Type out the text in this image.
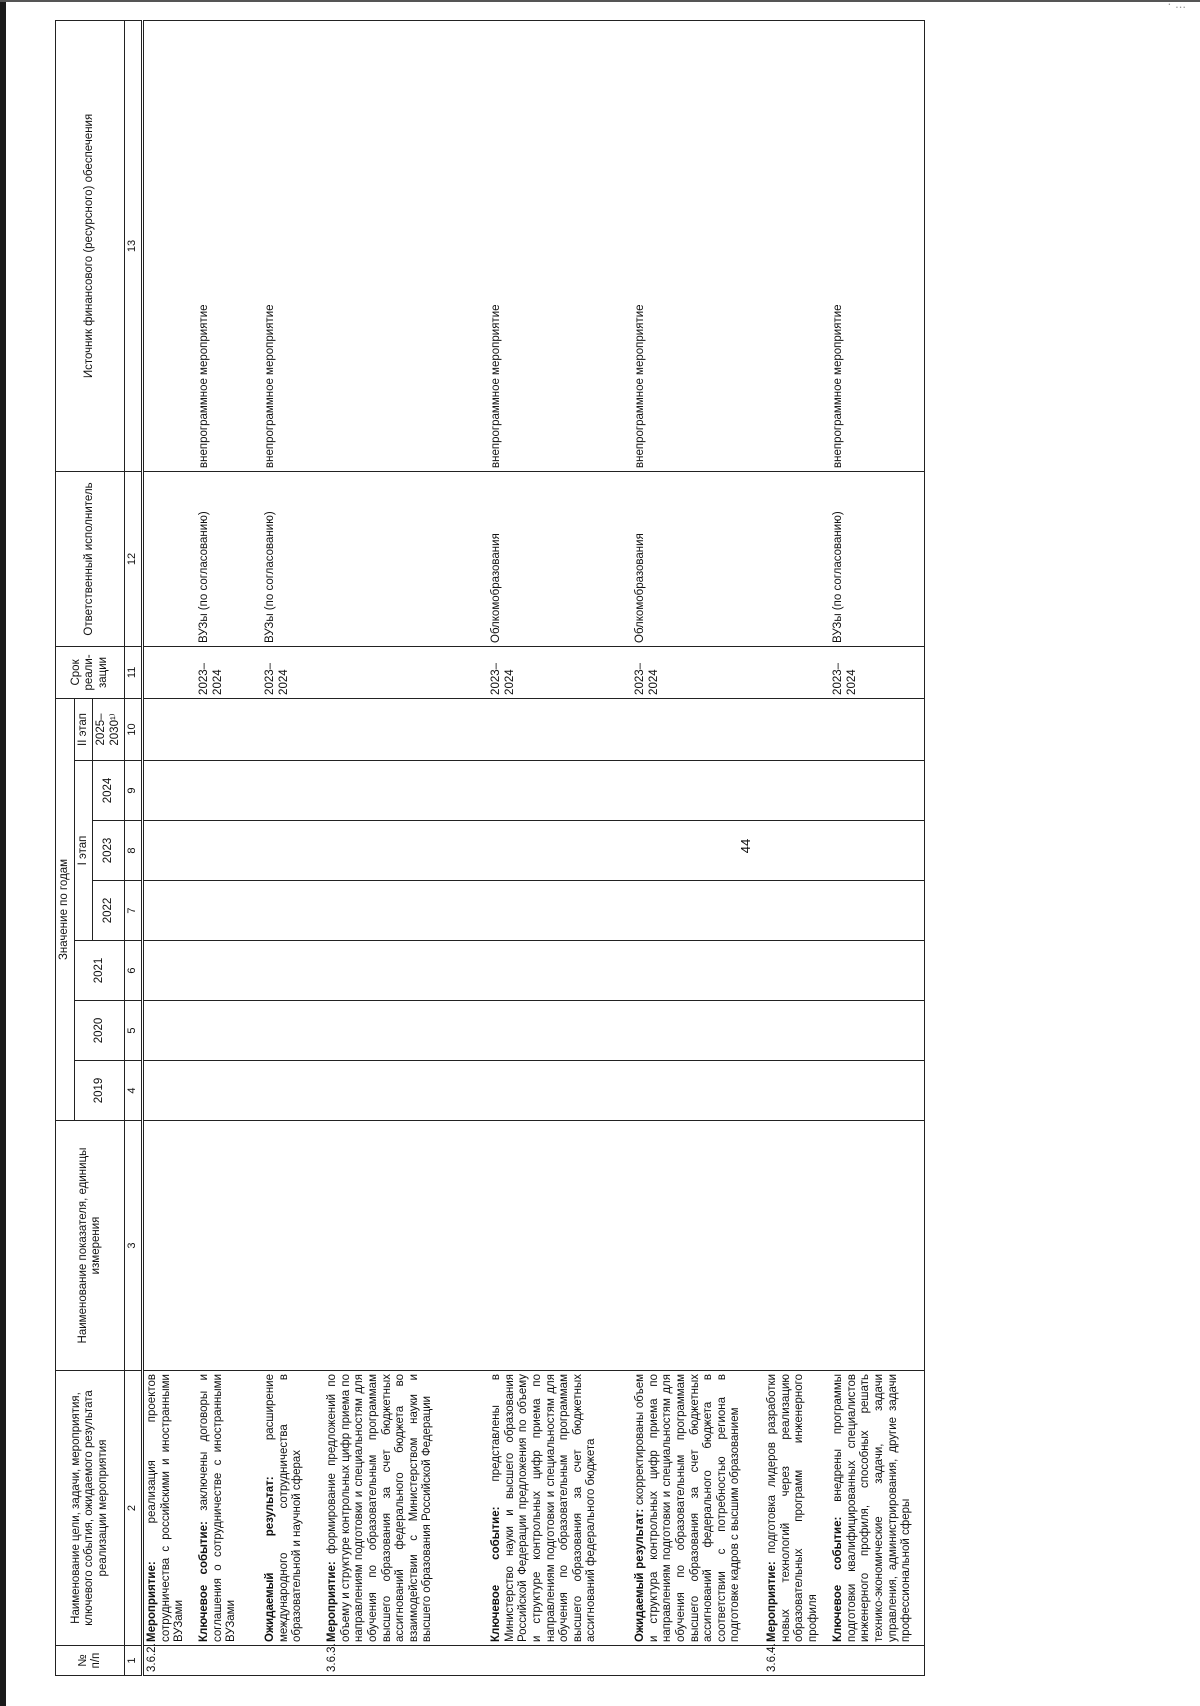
· ...
44
№ п/п	Наименование цели, задачи, мероприятия, ключевого события, ожидаемого результата реализации мероприятия	Наименование показателя, единицы измерения	Значение по годам							Срок реали-зации	Ответственный исполнитель	Источник финансового (ресурсного) обеспечения
			2019	2020	2021	I этап			II этап			
						2022	2023	2024	2025–2030¹⁾			
1	2	3	4	5	6	7	8	9	10	11	12	13
3.6.2.	Мероприятие: реализация проектов сотрудничества с российскими и иностранными ВУЗами											
	Ключевое событие: заключены договоры и соглашения о сотрудничестве с иностранными ВУЗами									2023–2024	ВУЗы (по согласованию)	внепрограммное мероприятие
	Ожидаемый результат: расширение международного сотрудничества в образовательной и научной сферах									2023–2024	ВУЗы (по согласованию)	внепрограммное мероприятие
3.6.3.	Мероприятие: формирование предложений по объему и структуре контрольных цифр приема по направлениям подготовки и специальностям для обучения по образовательным программам высшего образования за счет бюджетных ассигнований федерального бюджета во взаимодействии с Министерством науки и высшего образования Российской Федерации											
	Ключевое событие: представлены в Министерство науки и высшего образования Российской Федерации предложения по объему и структуре контрольных цифр приема по направлениям подготовки и специальностям для обучения по образовательным программам высшего образования за счет бюджетных ассигнований федерального бюджета									2023–2024	Облкомобразования	внепрограммное мероприятие
	Ожидаемый результат: скорректированы объем и структура контрольных цифр приема по направлениям подготовки и специальностям для обучения по образовательным программам высшего образования за счет бюджетных ассигнований федерального бюджета в соответствии с потребностью региона в подготовке кадров с высшим образованием									2023–2024	Облкомобразования	внепрограммное мероприятие
3.6.4.	Мероприятие: подготовка лидеров разработки новых технологий через реализацию образовательных программ инженерного профиля											
	Ключевое событие: внедрены программы подготовки квалифицированных специалистов инженерного профиля, способных решать технико-экономические задачи, задачи управления, администрирования, другие задачи профессиональной сферы									2023–2024	ВУЗы (по согласованию)	внепрограммное мероприятие
